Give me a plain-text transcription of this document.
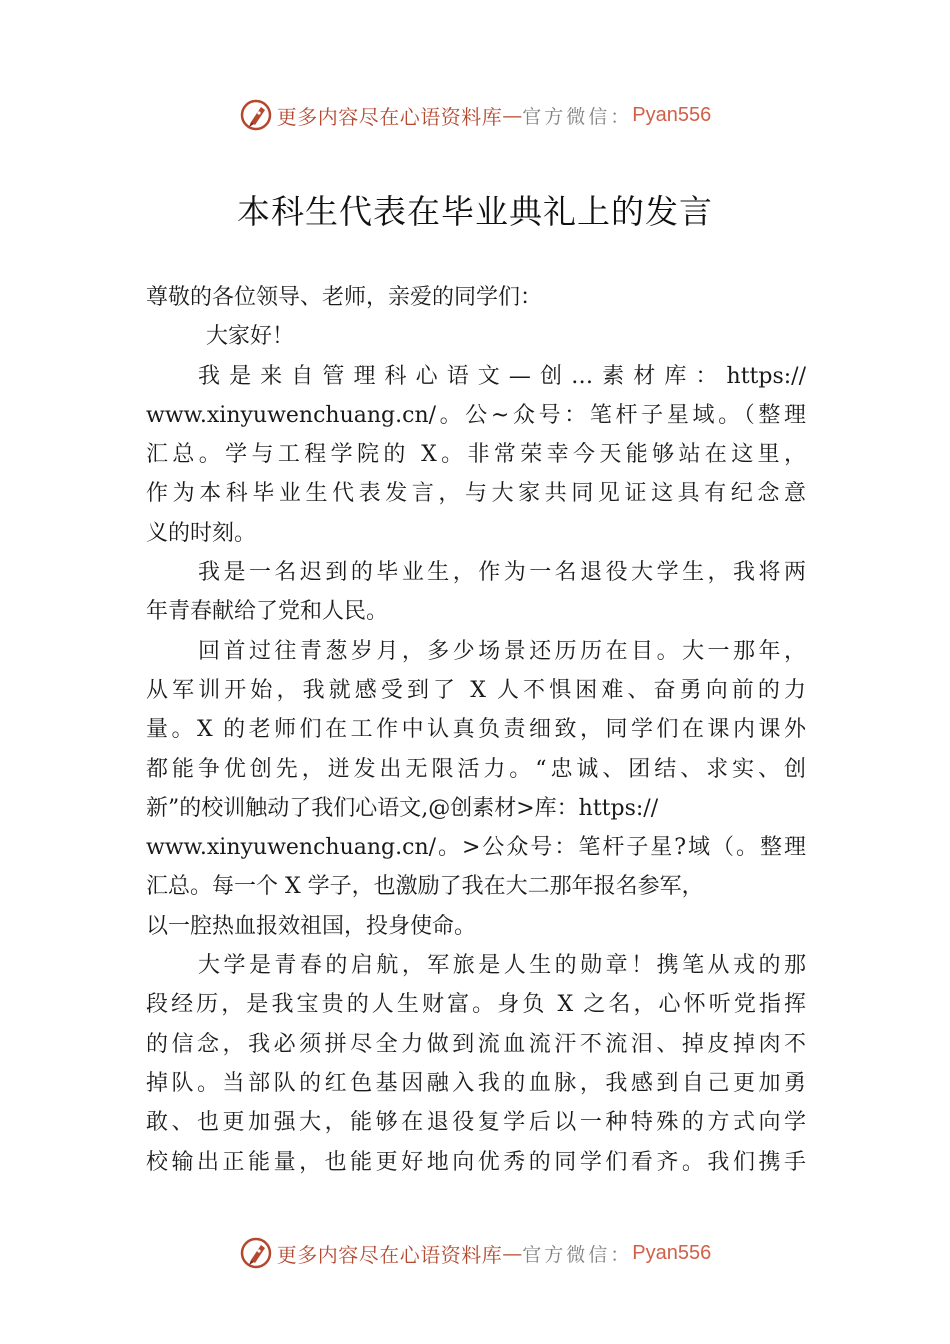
更多内容尽在心语资料库 — 官方微信： Pyan556
本科生代表在毕业典礼上的发言
尊敬的各位领导、老师，亲爱的同学们：
大家好！
我是来自管理科心语文—创…素材库：https://
www.xinyuwenchuang.cn/。公~众号：笔杆子星域。（整理
汇总。学与工程学院的 X。非常荣幸今天能够站在这里，
作为本科毕业生代表发言，与大家共同见证这具有纪念意
义的时刻。
我是一名迟到的毕业生，作为一名退役大学生，我将两
年青春献给了党和人民。
回首过往青葱岁月，多少场景还历历在目。大一那年，
从军训开始，我就感受到了 X 人不惧困难、奋勇向前的力
量。X 的老师们在工作中认真负责细致，同学们在课内课外
都能争优创先，迸发出无限活力。“忠诚、团结、求实、创
新”的校训触动了我们心语文,@创素材>库：https://
www.xinyuwenchuang.cn/。>公众号：笔杆子星?域（。整理
汇总。每一个 X 学子，也激励了我在大二那年报名参军，
以一腔热血报效祖国，投身使命。
大学是青春的启航，军旅是人生的勋章！携笔从戎的那
段经历，是我宝贵的人生财富。身负 X 之名，心怀听党指挥
的信念，我必须拼尽全力做到流血流汗不流泪、掉皮掉肉不
掉队。当部队的红色基因融入我的血脉，我感到自己更加勇
敢、也更加强大，能够在退役复学后以一种特殊的方式向学
校输出正能量，也能更好地向优秀的同学们看齐。我们携手
更多内容尽在心语资料库 — 官方微信： Pyan556
